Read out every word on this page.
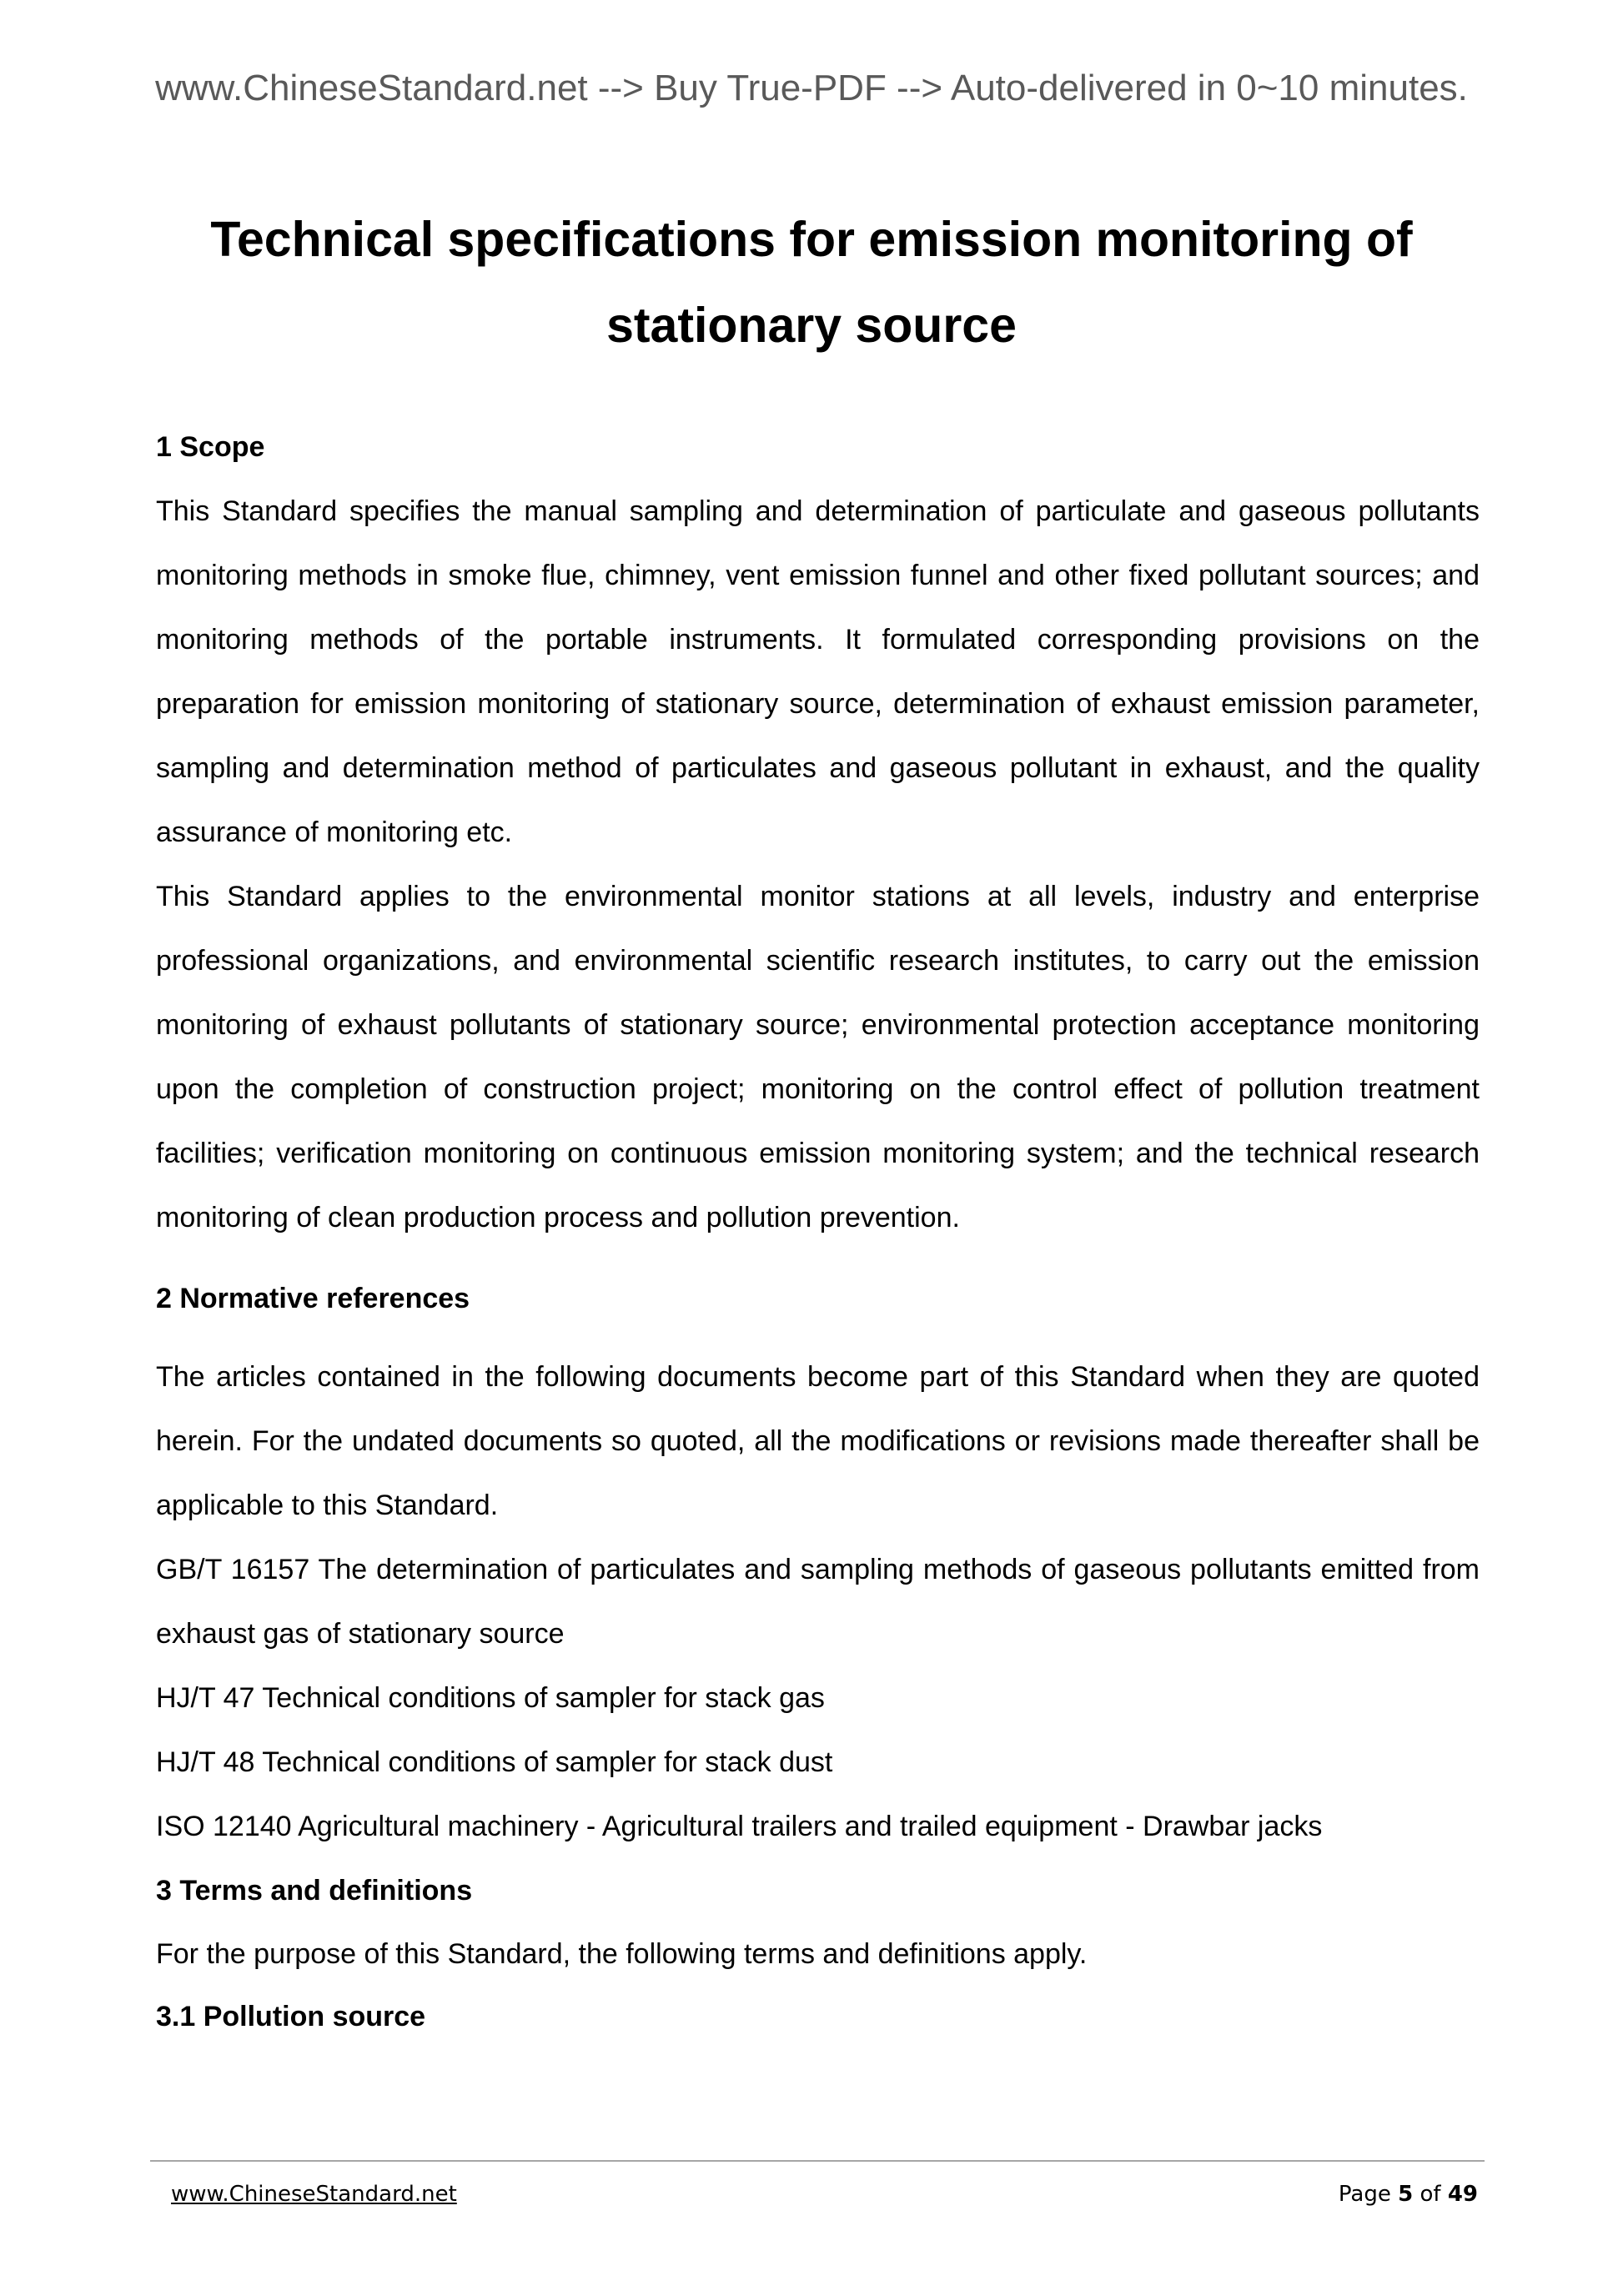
www.ChineseStandard.net --> Buy True-PDF --> Auto-delivered in 0~10 minutes.
Technical specifications for emission monitoring of
stationary source

1 Scope

This Standard specifies the manual sampling and determination of particulate and gaseous pollutants monitoring methods in smoke flue, chimney, vent emission funnel and other fixed pollutant sources; and monitoring methods of the portable instruments. It formulated corresponding provisions on the preparation for emission monitoring of stationary source, determination of exhaust emission parameter, sampling and determination method of particulates and gaseous pollutant in exhaust, and the quality assurance of monitoring etc.

This Standard applies to the environmental monitor stations at all levels, industry and enterprise professional organizations, and environmental scientific research institutes, to carry out the emission monitoring of exhaust pollutants of stationary source; environmental protection acceptance monitoring upon the completion of construction project; monitoring on the control effect of pollution treatment facilities; verification monitoring on continuous emission monitoring system; and the technical research monitoring of clean production process and pollution prevention.

2 Normative references

The articles contained in the following documents become part of this Standard when they are quoted herein. For the undated documents so quoted, all the modifications or revisions made thereafter shall be applicable to this Standard.

GB/T 16157 The determination of particulates and sampling methods of gaseous pollutants emitted from exhaust gas of stationary source

HJ/T 47 Technical conditions of sampler for stack gas

HJ/T 48 Technical conditions of sampler for stack dust

ISO 12140 Agricultural machinery - Agricultural trailers and trailed equipment - Drawbar jacks

3 Terms and definitions

For the purpose of this Standard, the following terms and definitions apply.

3.1 Pollution source

www.ChineseStandard.net	Page 5 of 49
